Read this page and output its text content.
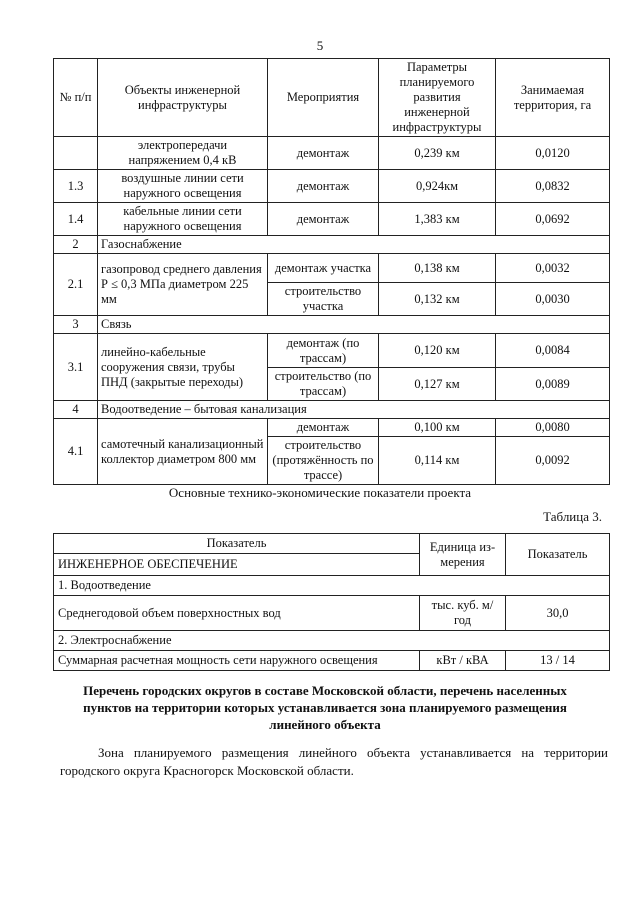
5
№ п/п	Объекты инженерной инфраструктуры	Мероприятия	Параметры планируемого развития инженерной инфраструктуры	Занимаемая территория, га
	электропередачи напряжением 0,4 кВ	демонтаж	0,239 км	0,0120
1.3	воздушные линии сети наружного освещения	демонтаж	0,924км	0,0832
1.4	кабельные линии сети наружного освещения	демонтаж	1,383 км	0,0692
2	Газоснабжение			
2.1	газопровод среднего давления Р ≤ 0,3 МПа диаметром 225 мм	демонтаж участка	0,138 км	0,0032
		строительство участка	0,132 км	0,0030
3	Связь			
3.1	линейно-кабельные сооружения связи, трубы ПНД (закрытые переходы)	демонтаж (по трассам)	0,120 км	0,0084
		строительство (по трассам)	0,127 км	0,0089
4	Водоотведение – бытовая канализация			
4.1	самотечный канализационный коллектор диаметром 800 мм	демонтаж	0,100 км	0,0080
		строительство (протяжённость по трассе)	0,114 км	0,0092
Основные технико-экономические показатели проекта
Таблица 3.
Показатель	Единица из-мерения	Показатель
ИНЖЕНЕРНОЕ ОБЕСПЕЧЕНИЕ		
1. Водоотведение		
Среднегодовой объем поверхностных вод	тыс. куб. м/год	30,0
2. Электроснабжение		
Суммарная расчетная мощность сети наружного освещения	кВт / кВА	13 / 14
Перечень городских округов в составе Московской области, перечень населенных пунктов на территории которых устанавливается зона планируемого размещения линейного объекта
Зона планируемого размещения линейного объекта устанавливается на территории городского округа Красногорск Московской области.
